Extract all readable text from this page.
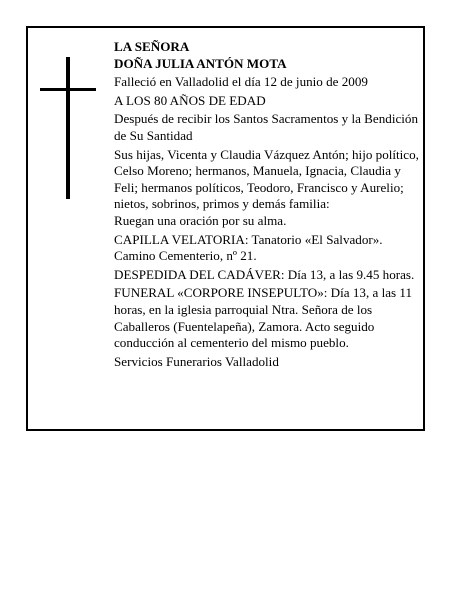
LA SEÑORA

DOÑA JULIA ANTÓN MOTA

Falleció en Valladolid el día 12 de junio de 2009

A LOS 80 AÑOS DE EDAD

Después de recibir los Santos Sacramentos y la Bendición de Su Santidad

Sus hijas, Vicenta y Claudia Vázquez Antón; hijo político, Celso Moreno; hermanos, Manuela, Ignacia, Claudia y Feli; hermanos políticos, Teodoro, Francisco y Aurelio; nietos, sobrinos, primos y demás familia:

Ruegan una oración por su alma.

CAPILLA VELATORIA: Tanatorio «El Salvador». Camino Cementerio, nº 21.

DESPEDIDA DEL CADÁVER: Día 13, a las 9.45 horas.

FUNERAL «CORPORE INSEPULTO»: Día 13, a las 11 horas, en la iglesia parroquial Ntra. Señora de los Caballeros (Fuentelapeña), Zamora. Acto seguido conducción al cementerio del mismo pueblo.

Servicios Funerarios Valladolid
